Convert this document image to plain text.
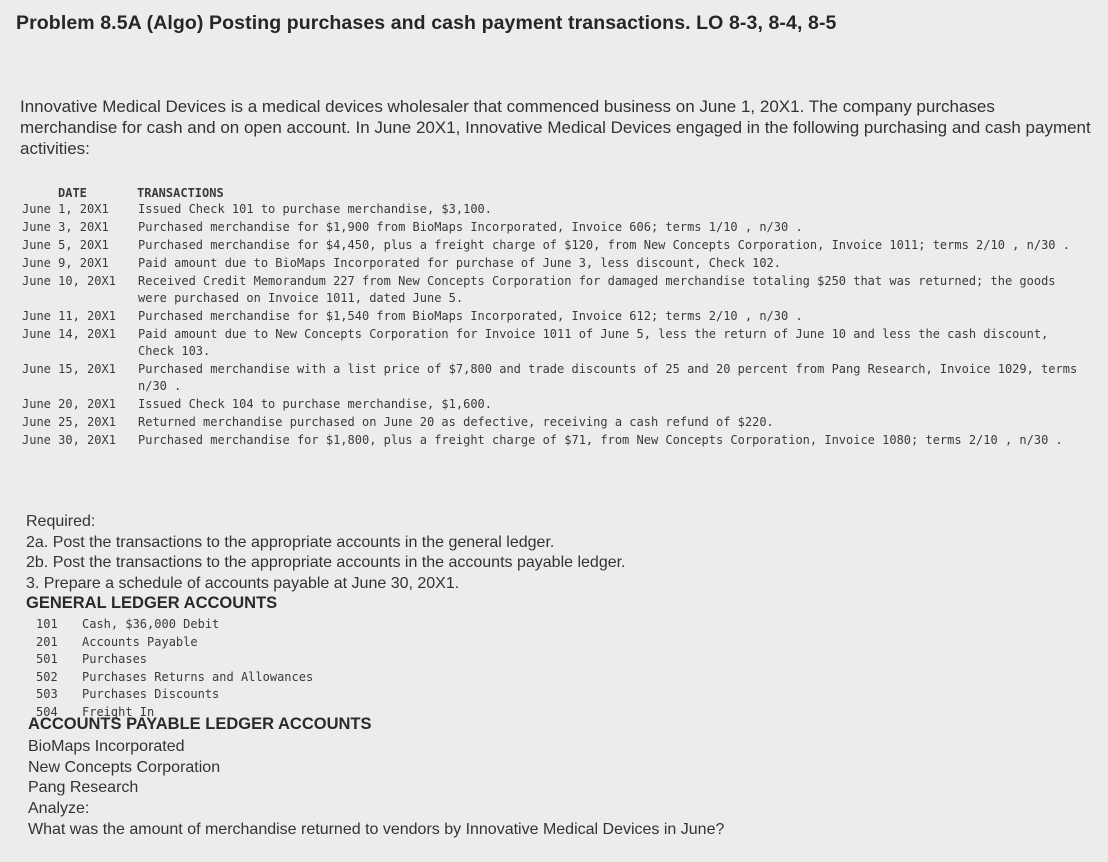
Problem 8.5A (Algo) Posting purchases and cash payment transactions. LO 8-3, 8-4, 8-5
Innovative Medical Devices is a medical devices wholesaler that commenced business on June 1, 20X1. The company purchases merchandise for cash and on open account. In June 20X1, Innovative Medical Devices engaged in the following purchasing and cash payment activities:
DATE	TRANSACTIONS
June 1, 20X1	Issued Check 101 to purchase merchandise, $3,100.
June 3, 20X1	Purchased merchandise for $1,900 from BioMaps Incorporated, Invoice 606; terms 1/10 , n/30 .
June 5, 20X1	Purchased merchandise for $4,450, plus a freight charge of $120, from New Concepts Corporation, Invoice 1011; terms 2/10 , n/30 .
June 9, 20X1	Paid amount due to BioMaps Incorporated for purchase of June 3, less discount, Check 102.
June 10, 20X1	Received Credit Memorandum 227 from New Concepts Corporation for damaged merchandise totaling $250 that was returned; the goods were purchased on Invoice 1011, dated June 5.
June 11, 20X1	Purchased merchandise for $1,540 from BioMaps Incorporated, Invoice 612; terms 2/10 , n/30 .
June 14, 20X1	Paid amount due to New Concepts Corporation for Invoice 1011 of June 5, less the return of June 10 and less the cash discount, Check 103.
June 15, 20X1	Purchased merchandise with a list price of $7,800 and trade discounts of 25 and 20 percent from Pang Research, Invoice 1029, terms n/30 .
June 20, 20X1	Issued Check 104 to purchase merchandise, $1,600.
June 25, 20X1	Returned merchandise purchased on June 20 as defective, receiving a cash refund of $220.
June 30, 20X1	Purchased merchandise for $1,800, plus a freight charge of $71, from New Concepts Corporation, Invoice 1080; terms 2/10 , n/30 .
Required:
2a. Post the transactions to the appropriate accounts in the general ledger.
2b. Post the transactions to the appropriate accounts in the accounts payable ledger.
3. Prepare a schedule of accounts payable at June 30, 20X1.
GENERAL LEDGER ACCOUNTS
101	Cash, $36,000 Debit
201	Accounts Payable
501	Purchases
502	Purchases Returns and Allowances
503	Purchases Discounts
504	Freight In
ACCOUNTS PAYABLE LEDGER ACCOUNTS
BioMaps Incorporated
New Concepts Corporation
Pang Research
Analyze:
What was the amount of merchandise returned to vendors by Innovative Medical Devices in June?
